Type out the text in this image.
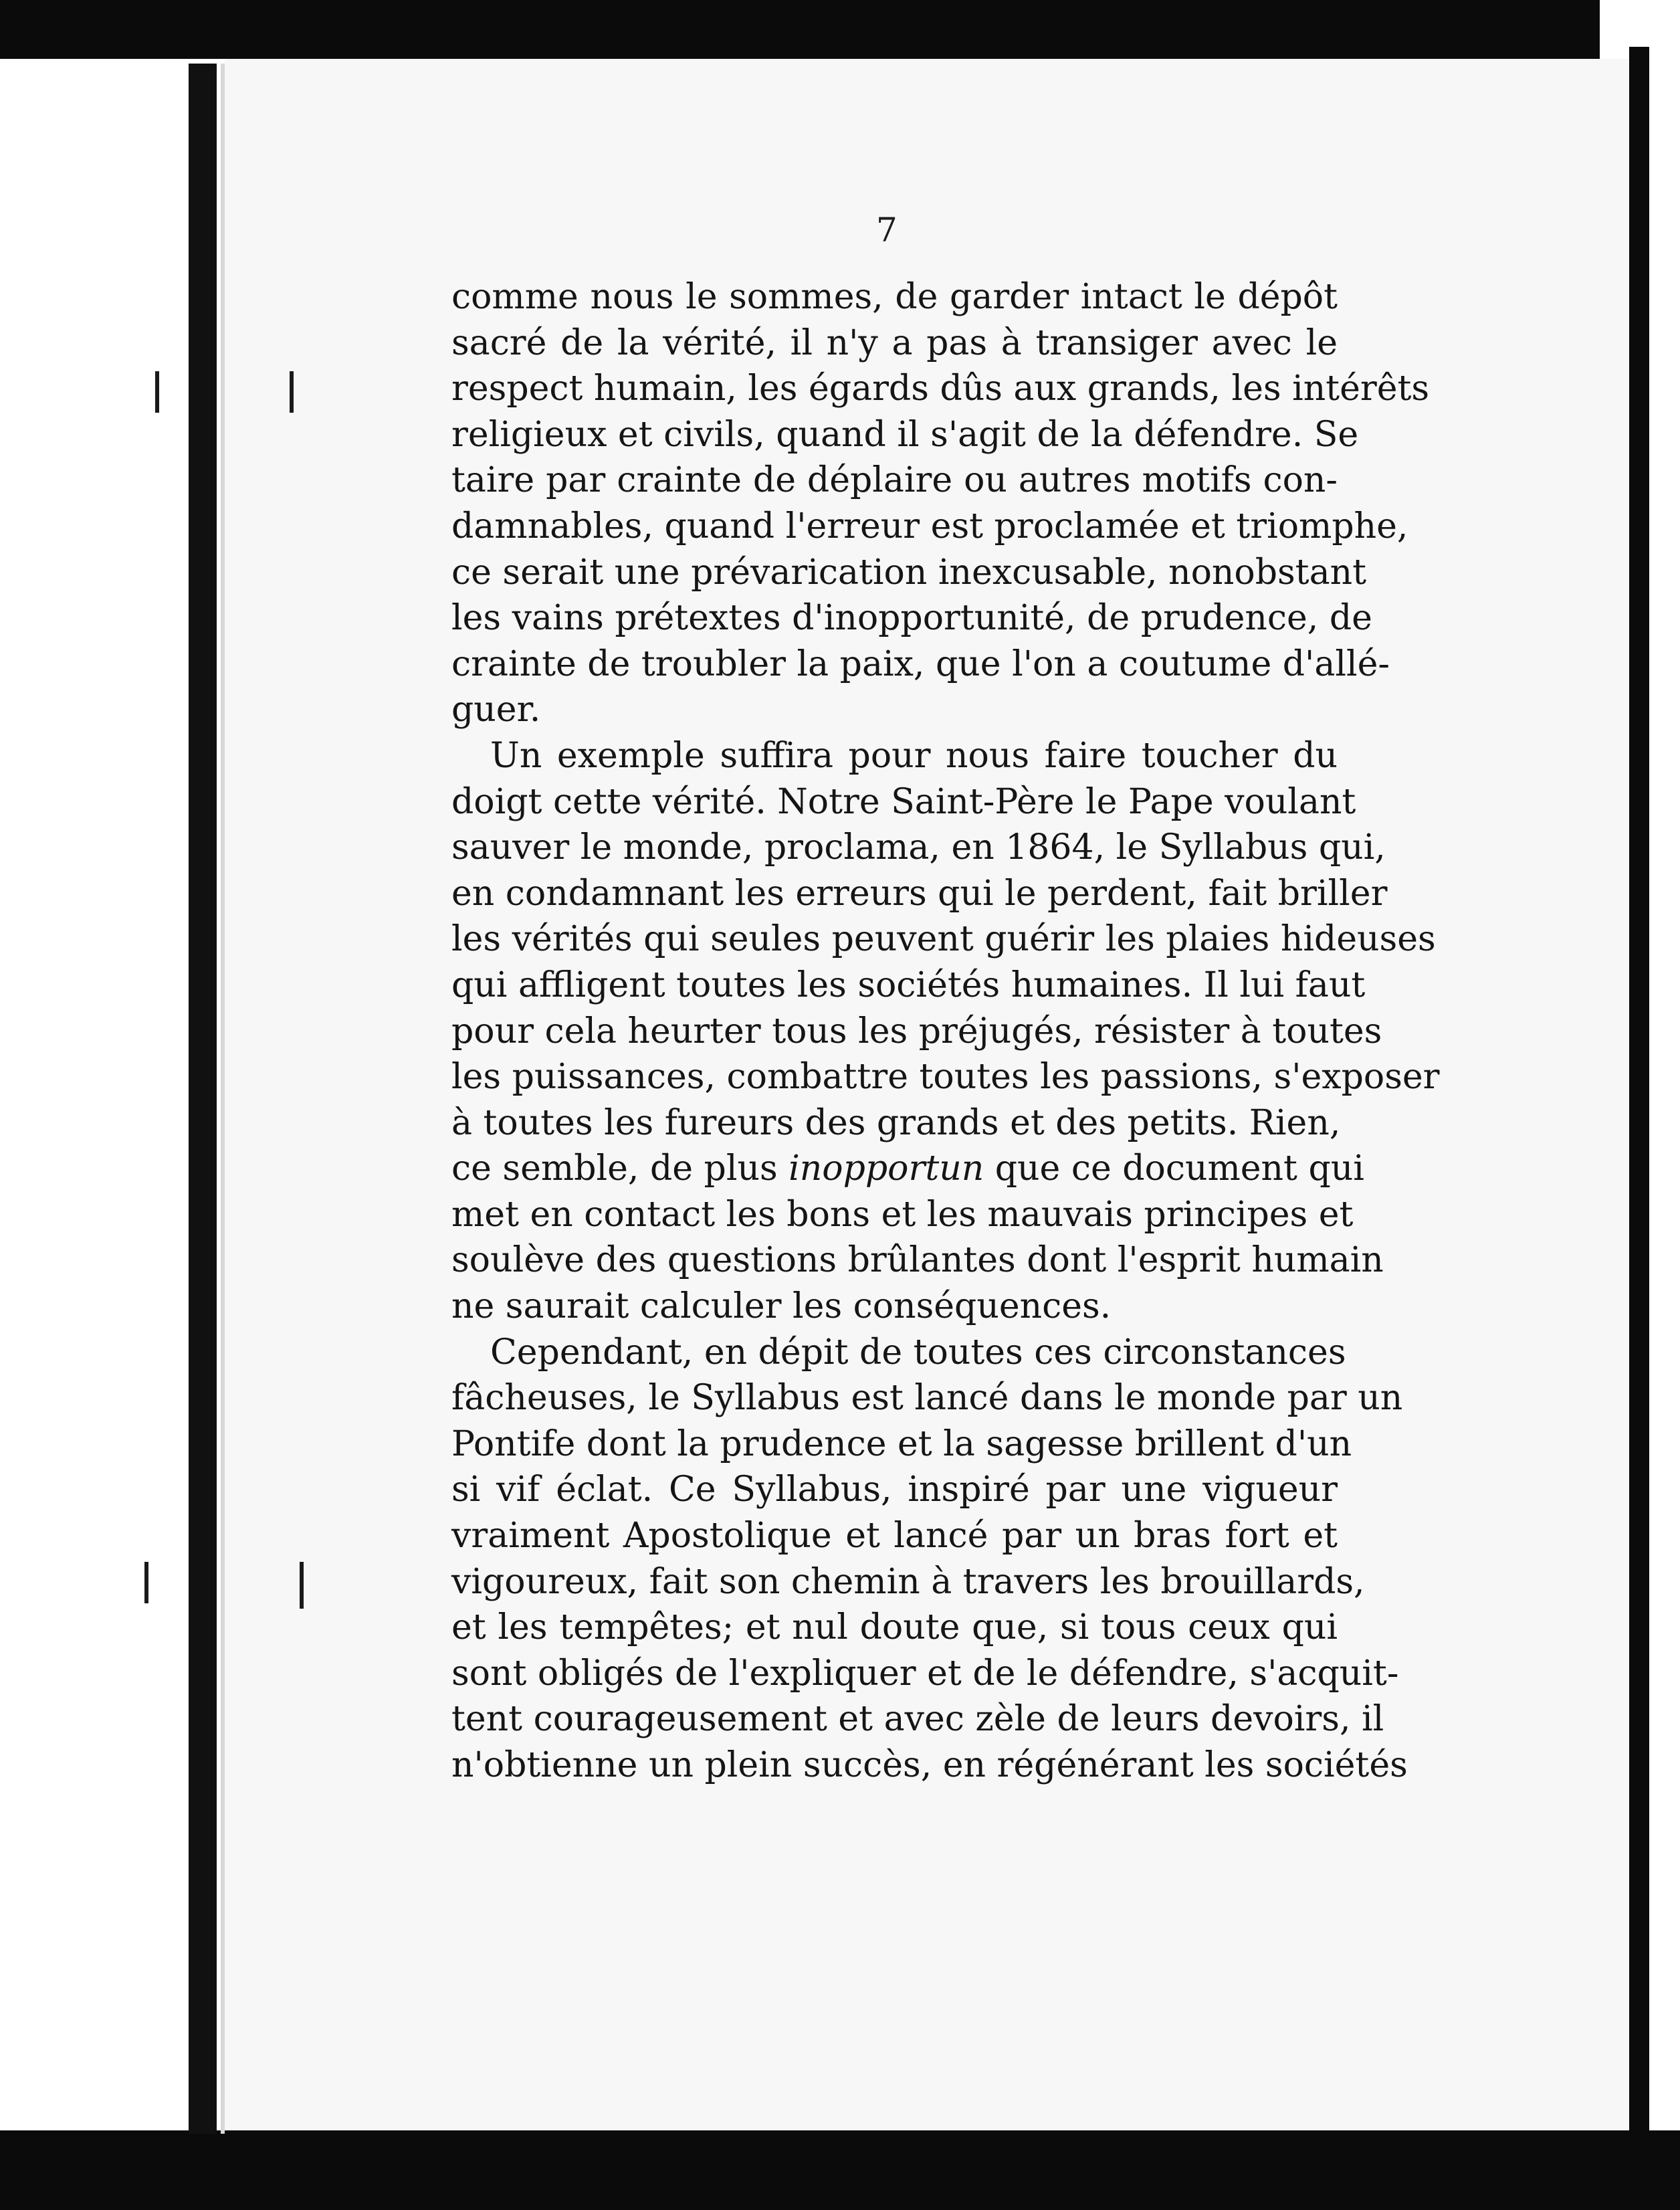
7
comme nous le sommes, de garder intact le dépôt
sacré de la vérité, il n'y a pas à transiger avec le
respect humain, les égards dûs aux grands, les intérêts
religieux et civils, quand il s'agit de la défendre. Se
taire par crainte de déplaire ou autres motifs con-
damnables, quand l'erreur est proclamée et triomphe,
ce serait une prévarication inexcusable, nonobstant
les vains prétextes d'inopportunité, de prudence, de
crainte de troubler la paix, que l'on a coutume d'allé-
guer.
Un exemple suffira pour nous faire toucher du
doigt cette vérité. Notre Saint-Père le Pape voulant
sauver le monde, proclama, en 1864, le Syllabus qui,
en condamnant les erreurs qui le perdent, fait briller
les vérités qui seules peuvent guérir les plaies hideuses
qui affligent toutes les sociétés humaines. Il lui faut
pour cela heurter tous les préjugés, résister à toutes
les puissances, combattre toutes les passions, s'exposer
à toutes les fureurs des grands et des petits. Rien,
ce semble, de plus inopportun que ce document qui
met en contact les bons et les mauvais principes et
soulève des questions brûlantes dont l'esprit humain
ne saurait calculer les conséquences.
Cependant, en dépit de toutes ces circonstances
fâcheuses, le Syllabus est lancé dans le monde par un
Pontife dont la prudence et la sagesse brillent d'un
si vif éclat. Ce Syllabus, inspiré par une vigueur
vraiment Apostolique et lancé par un bras fort et
vigoureux, fait son chemin à travers les brouillards,
et les tempêtes; et nul doute que, si tous ceux qui
sont obligés de l'expliquer et de le défendre, s'acquit-
tent courageusement et avec zèle de leurs devoirs, il
n'obtienne un plein succès, en régénérant les sociétés
